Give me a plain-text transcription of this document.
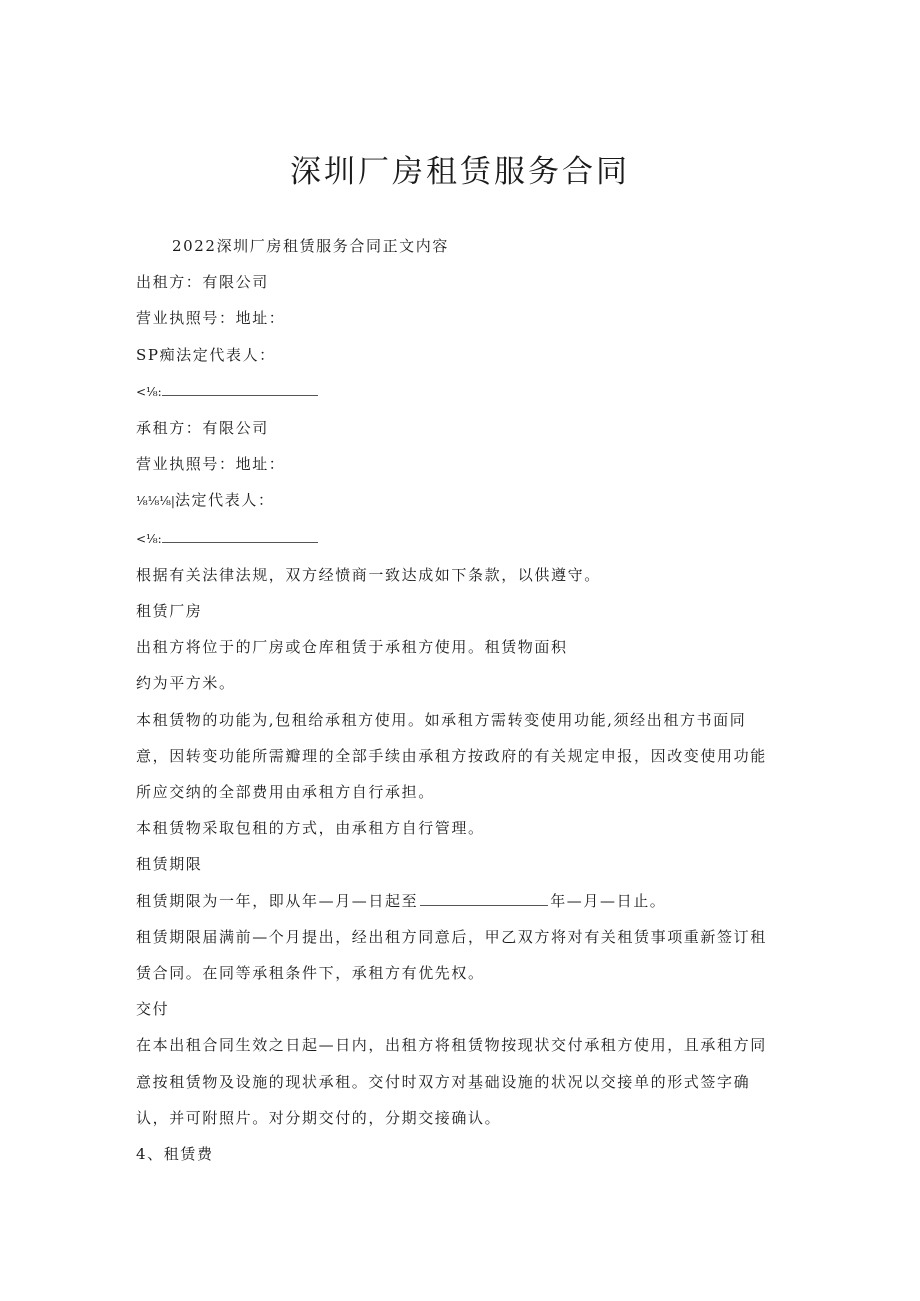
深圳厂房租赁服务合同

2022深圳厂房租赁服务合同正文内容

出租方：有限公司

营业执照号：地址：

SP痴法定代表人：

<⅛:

承租方：有限公司

营业执照号：地址：

⅛⅛⅛|法定代表人：

<⅛:

根据有关法律法规，双方经愤商一致达成如下条款，以供遵守。

租赁厂房

出租方将位于的厂房或仓库租赁于承租方使用。租赁物面积

约为平方米。

本租赁物的功能为,包租给承租方使用。如承租方需转变使用功能,须经出租方书面同

意，因转变功能所需瓣理的全部手续由承租方按政府的有关规定申报，因改变使用功能

所应交纳的全部费用由承租方自行承担。

本租赁物采取包租的方式，由承租方自行管理。

租赁期限

租赁期限为一年，即从年—月—日起至	年—月—日止。

租赁期限届满前—个月提出，经出租方同意后，甲乙双方将对有关租赁事项重新签订租

赁合同。在同等承租条件下，承租方有优先权。

交付

在本出租合同生效之日起—日内，出租方将租赁物按现状交付承租方使用，且承租方同

意按租赁物及设施的现状承租。交付时双方对基础设施的状况以交接单的形式签字确

认，并可附照片。对分期交付的，分期交接确认。

4、租赁费
